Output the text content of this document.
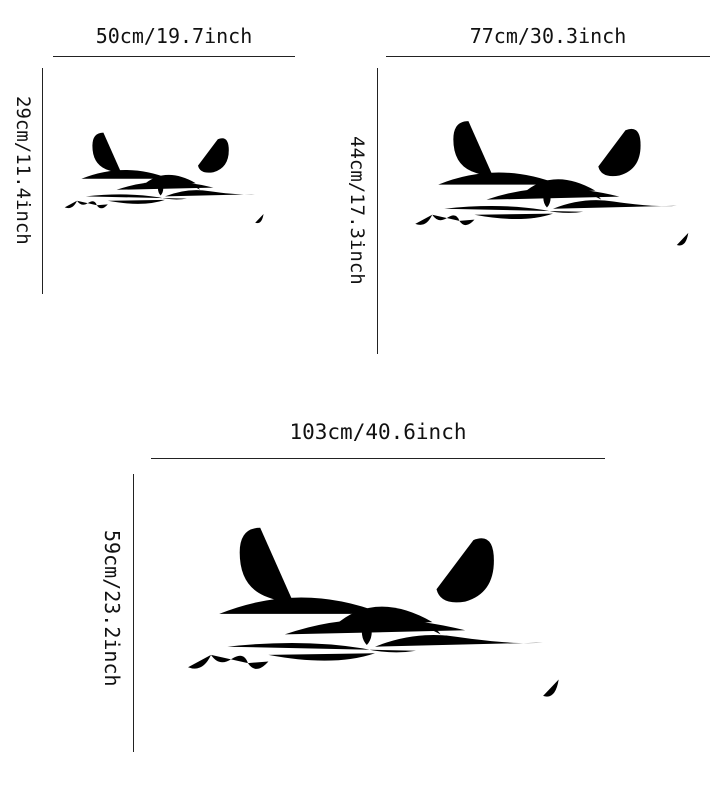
50cm/19.7inch
29cm/11.4inch
77cm/30.3inch
44cm/17.3inch
103cm/40.6inch
59cm/23.2inch
